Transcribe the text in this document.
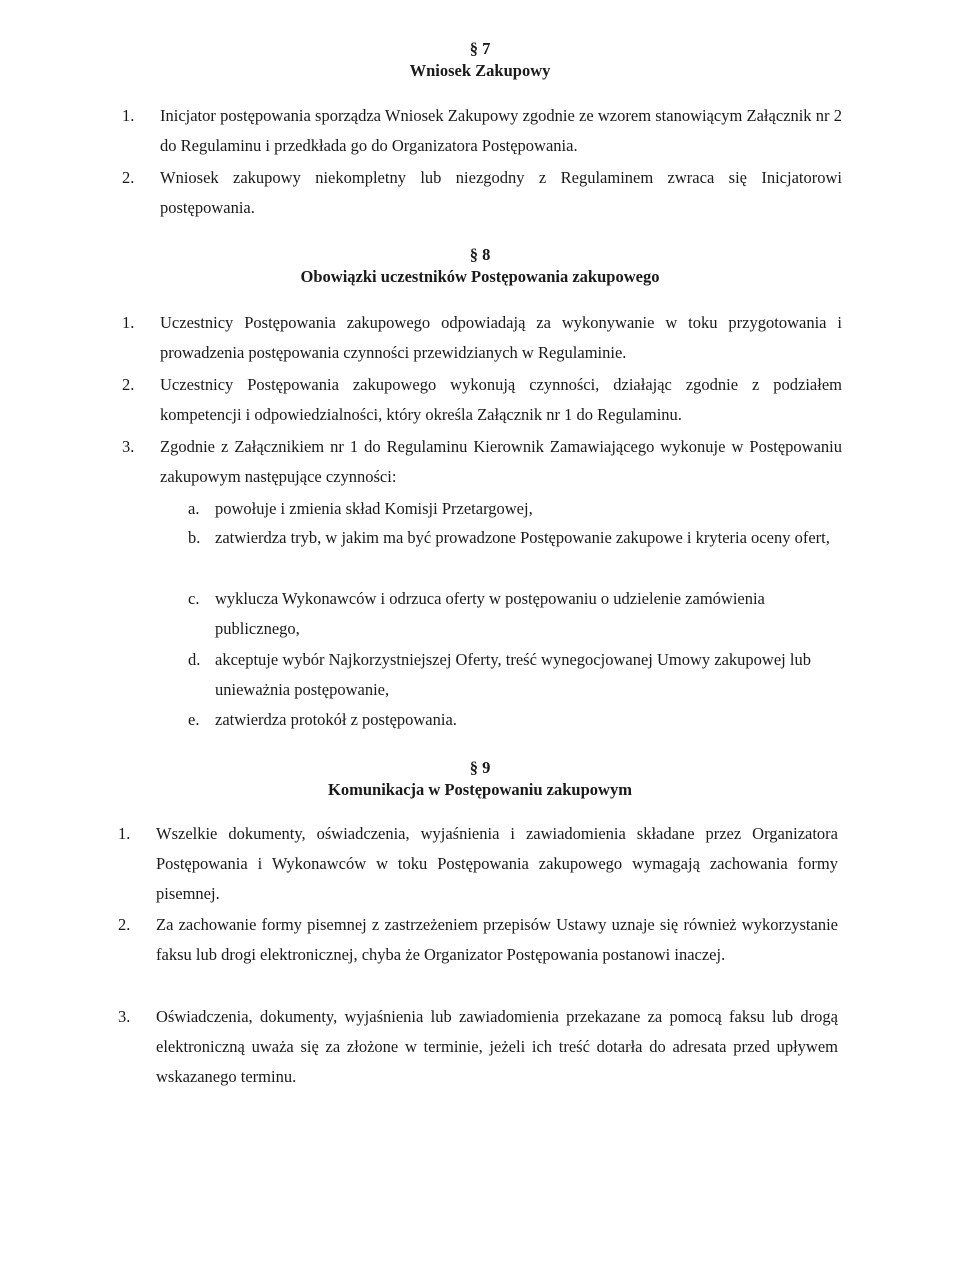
§ 7
Wniosek Zakupowy
1. Inicjator postępowania sporządza Wniosek Zakupowy zgodnie ze wzorem stanowiącym Załącznik nr 2 do Regulaminu i przedkłada go do Organizatora Postępowania.
2. Wniosek zakupowy niekompletny lub niezgodny z Regulaminem zwraca się Inicjatorowi postępowania.
§ 8
Obowiązki uczestników Postępowania zakupowego
1. Uczestnicy Postępowania zakupowego odpowiadają za wykonywanie w toku przygotowania i prowadzenia postępowania czynności przewidzianych w Regulaminie.
2. Uczestnicy Postępowania zakupowego wykonują czynności, działając zgodnie z podziałem kompetencji i odpowiedzialności, który określa Załącznik nr 1 do Regulaminu.
3. Zgodnie z Załącznikiem nr 1 do Regulaminu Kierownik Zamawiającego wykonuje w Postępowaniu zakupowym następujące czynności:
a. powołuje i zmienia skład Komisji Przetargowej,
b. zatwierdza tryb, w jakim ma być prowadzone Postępowanie zakupowe i kryteria oceny ofert,
c. wyklucza Wykonawców i odrzuca oferty w postępowaniu o udzielenie zamówienia publicznego,
d. akceptuje wybór Najkorzystniejszej Oferty, treść wynegocjowanej Umowy zakupowej lub unieważnia postępowanie,
e. zatwierdza protokół z postępowania.
§ 9
Komunikacja w Postępowaniu zakupowym
1. Wszelkie dokumenty, oświadczenia, wyjaśnienia i zawiadomienia składane przez Organizatora Postępowania i Wykonawców w toku Postępowania zakupowego wymagają zachowania formy pisemnej.
2. Za zachowanie formy pisemnej z zastrzeżeniem przepisów Ustawy uznaje się również wykorzystanie faksu lub drogi elektronicznej, chyba że Organizator Postępowania postanowi inaczej.
3. Oświadczenia, dokumenty, wyjaśnienia lub zawiadomienia przekazane za pomocą faksu lub drogą elektroniczną uważa się za złożone w terminie, jeżeli ich treść dotarła do adresata przed upływem wskazanego terminu.
